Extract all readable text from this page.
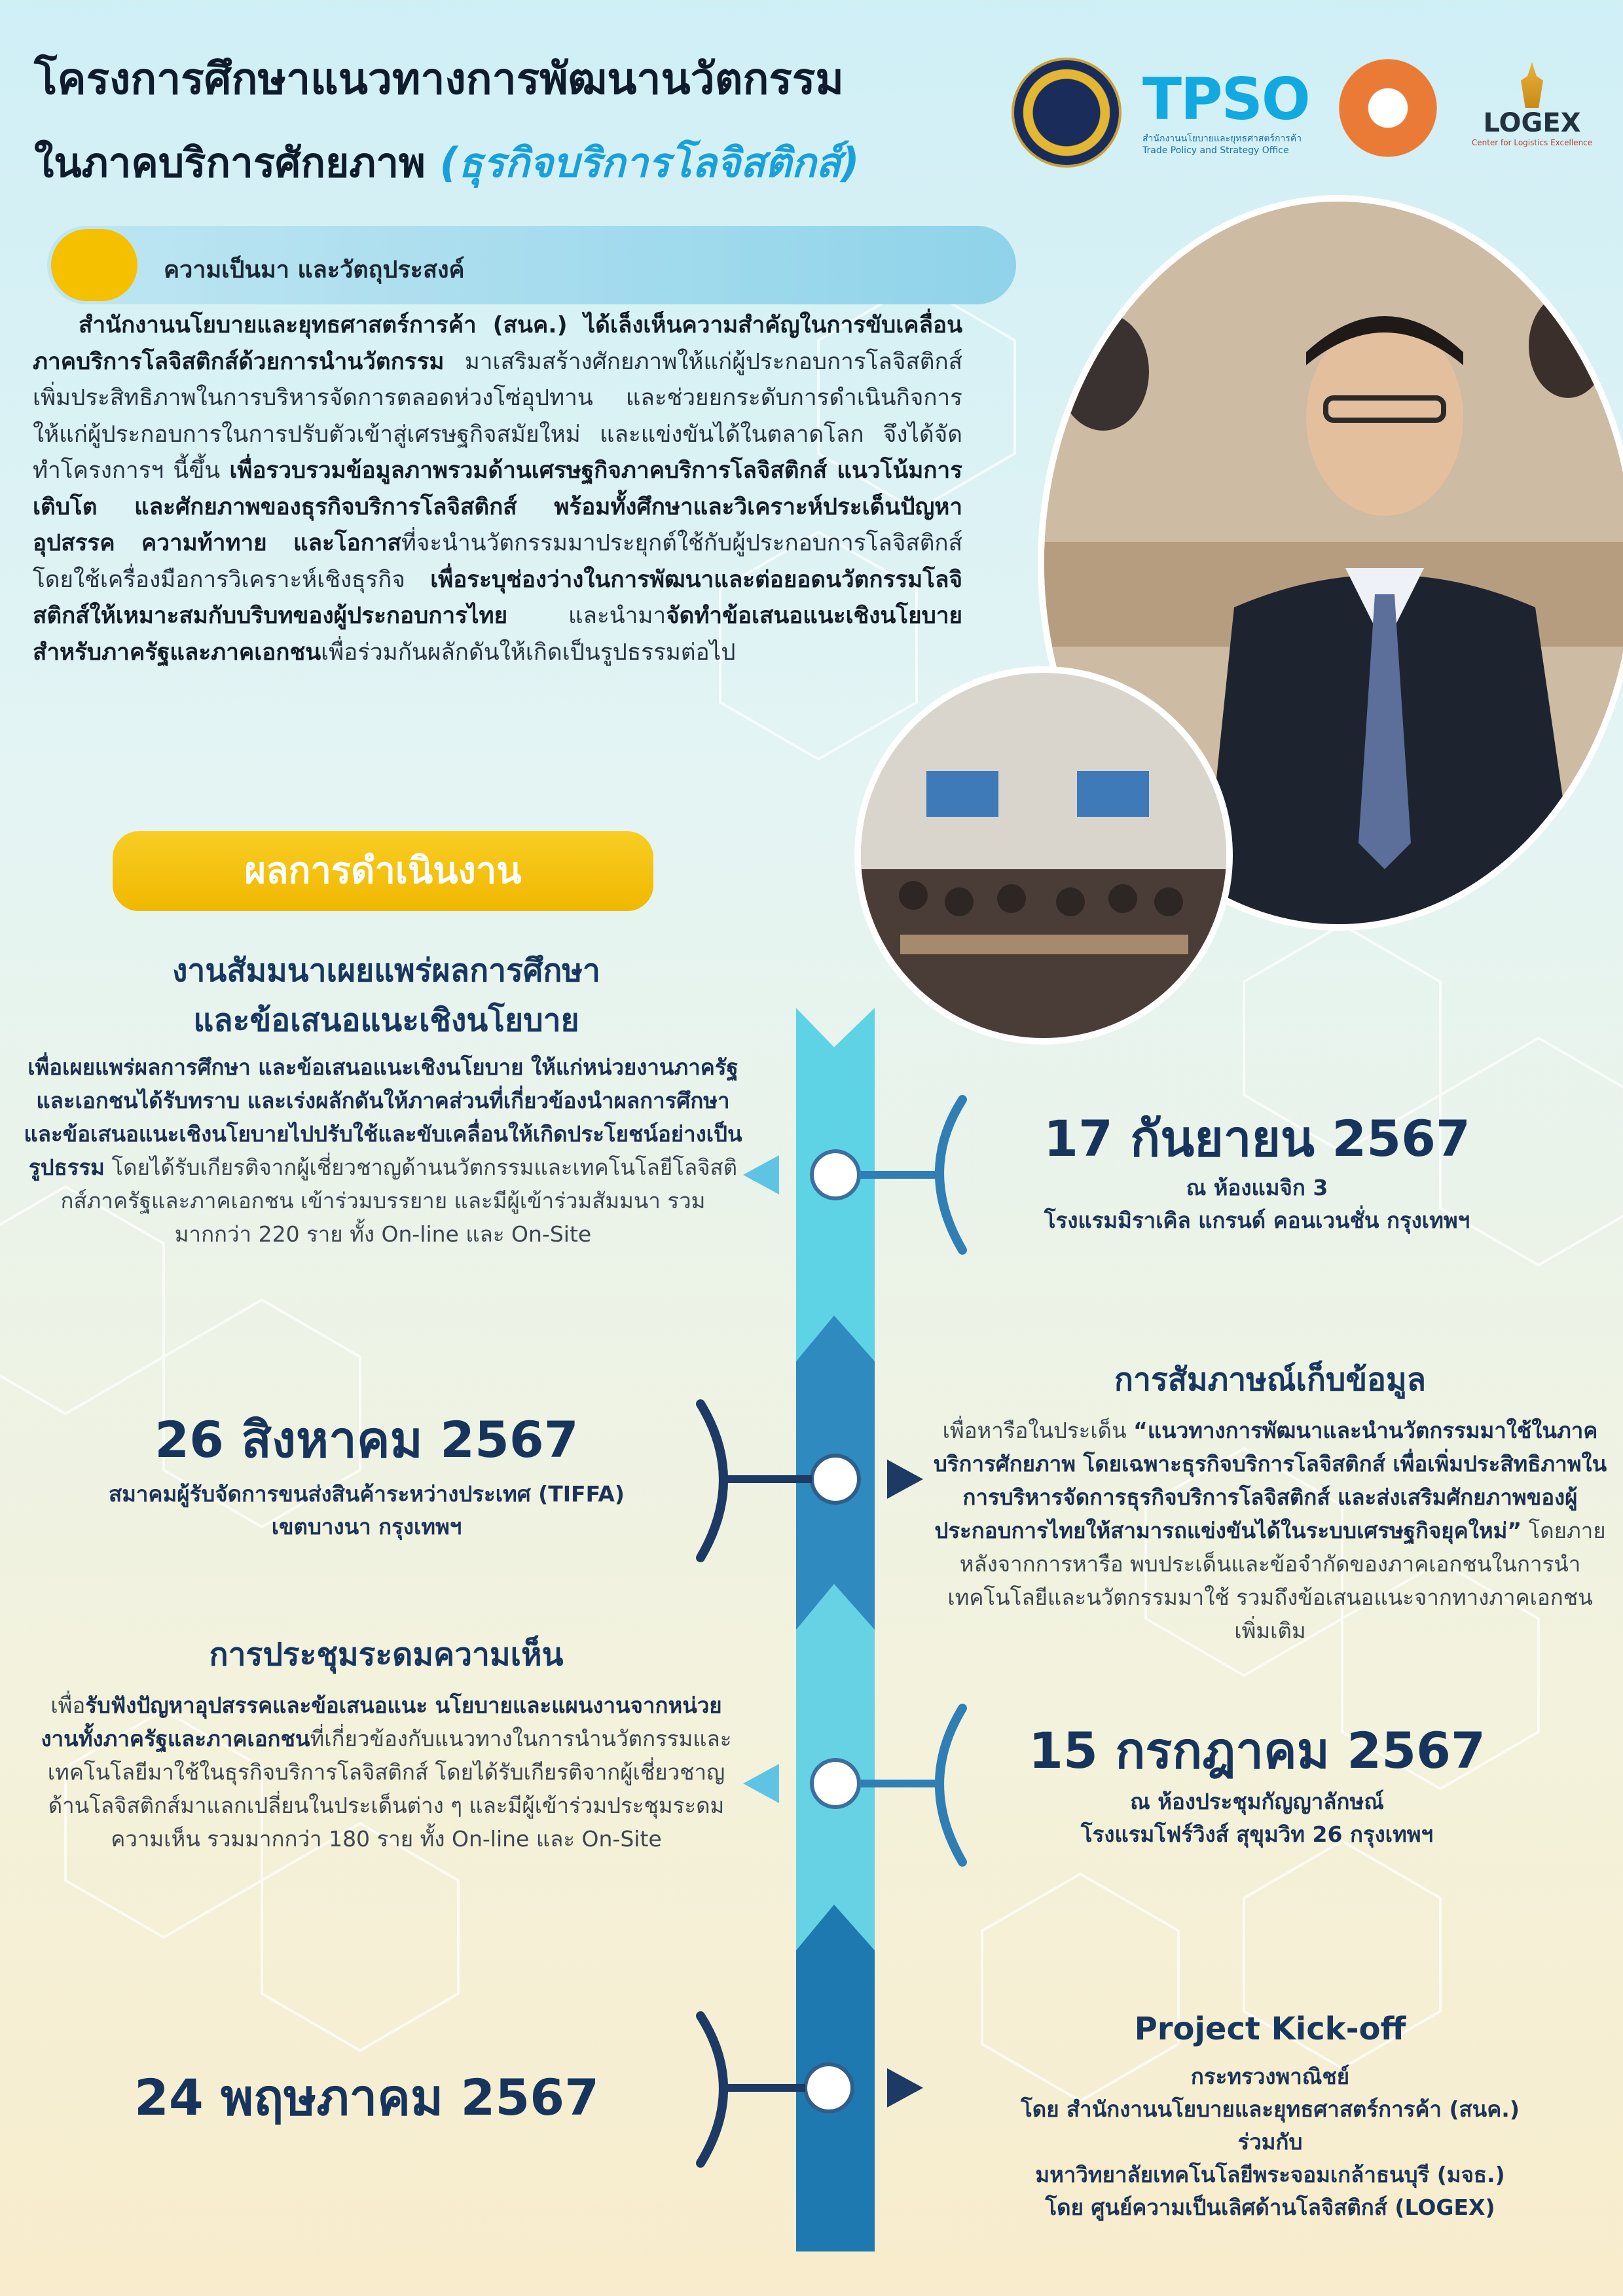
โครงการศึกษาแนวทางการพัฒนานวัตกรรม
ในภาคบริการศักยภาพ (ธุรกิจบริการโลจิสติกส์)
TPSO
สำนักงานนโยบายและยุทธศาสตร์การค้า
Trade Policy and Strategy Office
LOGEX
Center for Logistics Excellence
ความเป็นมา และวัตถุประสงค์
  สำนักงานนโยบายและยุทธศาสตร์การค้า (สนค.) ได้เล็งเห็นความสำคัญในการขับเคลื่อนภาคบริการโลจิสติกส์ด้วยการนำนวัตกรรม มาเสริมสร้างศักยภาพให้แก่ผู้ประกอบการโลจิสติกส์ เพิ่มประสิทธิภาพในการบริหารจัดการตลอดห่วงโซ่อุปทาน และช่วยยกระดับการดำเนินกิจการให้แก่ผู้ประกอบการในการปรับตัวเข้าสู่เศรษฐกิจสมัยใหม่ และแข่งขันได้ในตลาดโลก จึงได้จัดทำโครงการฯ นี้ขึ้น เพื่อรวบรวมข้อมูลภาพรวมด้านเศรษฐกิจภาคบริการโลจิสติกส์ แนวโน้มการเติบโต และศักยภาพของธุรกิจบริการโลจิสติกส์ พร้อมทั้งศึกษาและวิเคราะห์ประเด็นปัญหา อุปสรรค ความท้าทาย และโอกาสที่จะนำนวัตกรรมมาประยุกต์ใช้กับผู้ประกอบการโลจิสติกส์ โดยใช้เครื่องมือการวิเคราะห์เชิงธุรกิจ เพื่อระบุช่องว่างในการพัฒนาและต่อยอดนวัตกรรมโลจิสติกส์ให้เหมาะสมกับบริบทของผู้ประกอบการไทย และนำมาจัดทำข้อเสนอแนะเชิงนโยบายสำหรับภาครัฐและภาคเอกชนเพื่อร่วมกันผลักดันให้เกิดเป็นรูปธรรมต่อไป
ผลการดำเนินงาน
งานสัมมนาเผยแพร่ผลการศึกษา
และข้อเสนอแนะเชิงนโยบาย
เพื่อเผยแพร่ผลการศึกษา และข้อเสนอแนะเชิงนโยบาย ให้แก่หน่วยงานภาครัฐและเอกชนได้รับทราบ และเร่งผลักดันให้ภาคส่วนที่เกี่ยวข้องนำผลการศึกษาและข้อเสนอแนะเชิงนโยบายไปปรับใช้และขับเคลื่อนให้เกิดประโยชน์อย่างเป็นรูปธรรม โดยได้รับเกียรติจากผู้เชี่ยวชาญด้านนวัตกรรมและเทคโนโลยีโลจิสติกส์ภาครัฐและภาคเอกชน เข้าร่วมบรรยาย และมีผู้เข้าร่วมสัมมนา รวมมากกว่า 220 ราย ทั้ง On-line และ On-Site
17 กันยายน 2567
ณ ห้องแมจิก 3
โรงแรมมิราเคิล แกรนด์ คอนเวนชั่น กรุงเทพฯ
26 สิงหาคม 2567
สมาคมผู้รับจัดการขนส่งสินค้าระหว่างประเทศ (TIFFA)
เขตบางนา กรุงเทพฯ
การสัมภาษณ์เก็บข้อมูล
เพื่อหารือในประเด็น “แนวทางการพัฒนาและนำนวัตกรรมมาใช้ในภาคบริการศักยภาพ โดยเฉพาะธุรกิจบริการโลจิสติกส์ เพื่อเพิ่มประสิทธิภาพในการบริหารจัดการธุรกิจบริการโลจิสติกส์ และส่งเสริมศักยภาพของผู้ประกอบการไทยให้สามารถแข่งขันได้ในระบบเศรษฐกิจยุคใหม่” โดยภายหลังจากการหารือ พบประเด็นและข้อจำกัดของภาคเอกชนในการนำเทคโนโลยีและนวัตกรรมมาใช้ รวมถึงข้อเสนอแนะจากทางภาคเอกชนเพิ่มเติม
การประชุมระดมความเห็น
เพื่อรับฟังปัญหาอุปสรรคและข้อเสนอแนะ นโยบายและแผนงานจากหน่วยงานทั้งภาครัฐและภาคเอกชนที่เกี่ยวข้องกับแนวทางในการนำนวัตกรรมและเทคโนโลยีมาใช้ในธุรกิจบริการโลจิสติกส์ โดยได้รับเกียรติจากผู้เชี่ยวชาญด้านโลจิสติกส์มาแลกเปลี่ยนในประเด็นต่าง ๆ และมีผู้เข้าร่วมประชุมระดมความเห็น รวมมากกว่า 180 ราย ทั้ง On-line และ On-Site
15 กรกฎาคม 2567
ณ ห้องประชุมกัญญาลักษณ์
โรงแรมโฟร์วิงส์ สุขุมวิท 26 กรุงเทพฯ
24 พฤษภาคม 2567
Project Kick-off
กระทรวงพาณิชย์
โดย สำนักงานนโยบายและยุทธศาสตร์การค้า (สนค.)
ร่วมกับ
มหาวิทยาลัยเทคโนโลยีพระจอมเกล้าธนบุรี (มจธ.)
โดย ศูนย์ความเป็นเลิศด้านโลจิสติกส์ (LOGEX)
